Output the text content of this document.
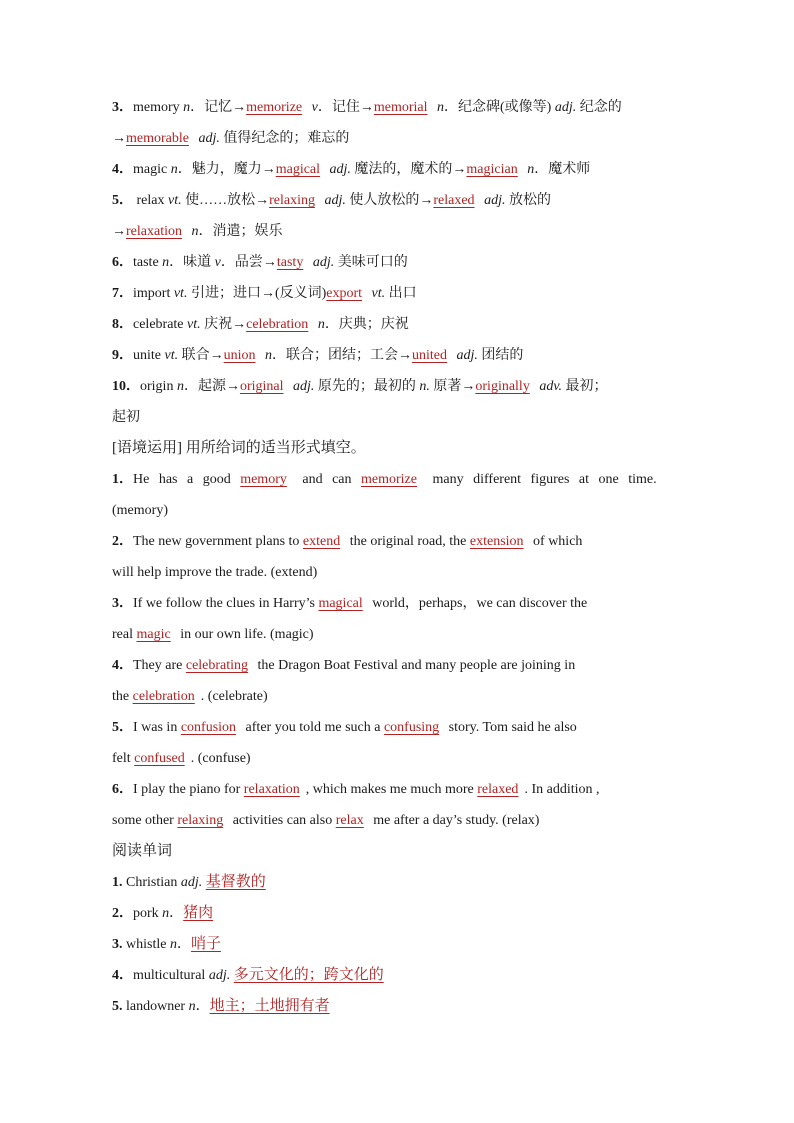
3．memory n．记忆→memorize v．记住→memorial n．纪念碑(或像等) adj. 纪念的
→memorable adj. 值得纪念的；难忘的
4．magic n．魅力，魔力→magical adj. 魔法的，魔术的→magician n．魔术师
5． relax vt. 使……放松→relaxing adj. 使人放松的→relaxed adj. 放松的
→relaxation n．消遣；娱乐
6．taste n．味道 v．品尝→tasty adj. 美味可口的
7．import vt. 引进；进口→(反义词)export vt. 出口
8．celebrate vt. 庆祝→celebration n．庆典；庆祝
9．unite vt. 联合→union n．联合；团结；工会→united adj. 团结的
10．origin n．起源→original adj. 原先的；最初的 n. 原著→originally adv. 最初；
起初
[语境运用] 用所给词的适当形式填空。
1．He has a good memory and can memorize many different figures at one time.
(memory)
2．The new government plans to extend the original road, the extension of which
will help improve the trade. (extend)
3．If we follow the clues in Harry’s magical world，perhaps，we can discover the
real magic in our own life. (magic)
4．They are celebrating the Dragon Boat Festival and many people are joining in
the celebration . (celebrate)
5．I was in confusion after you told me such a confusing story. Tom said he also
felt confused . (confuse)
6．I play the piano for relaxation , which makes me much more relaxed . In addition ,
some other relaxing activities can also relax me after a day’s study. (relax)
阅读单词
1. Christian adj. 基督教的
2．pork n．猪肉
3. whistle n．哨子
4．multicultural adj. 多元文化的；跨文化的
5. landowner n．地主；土地拥有者
